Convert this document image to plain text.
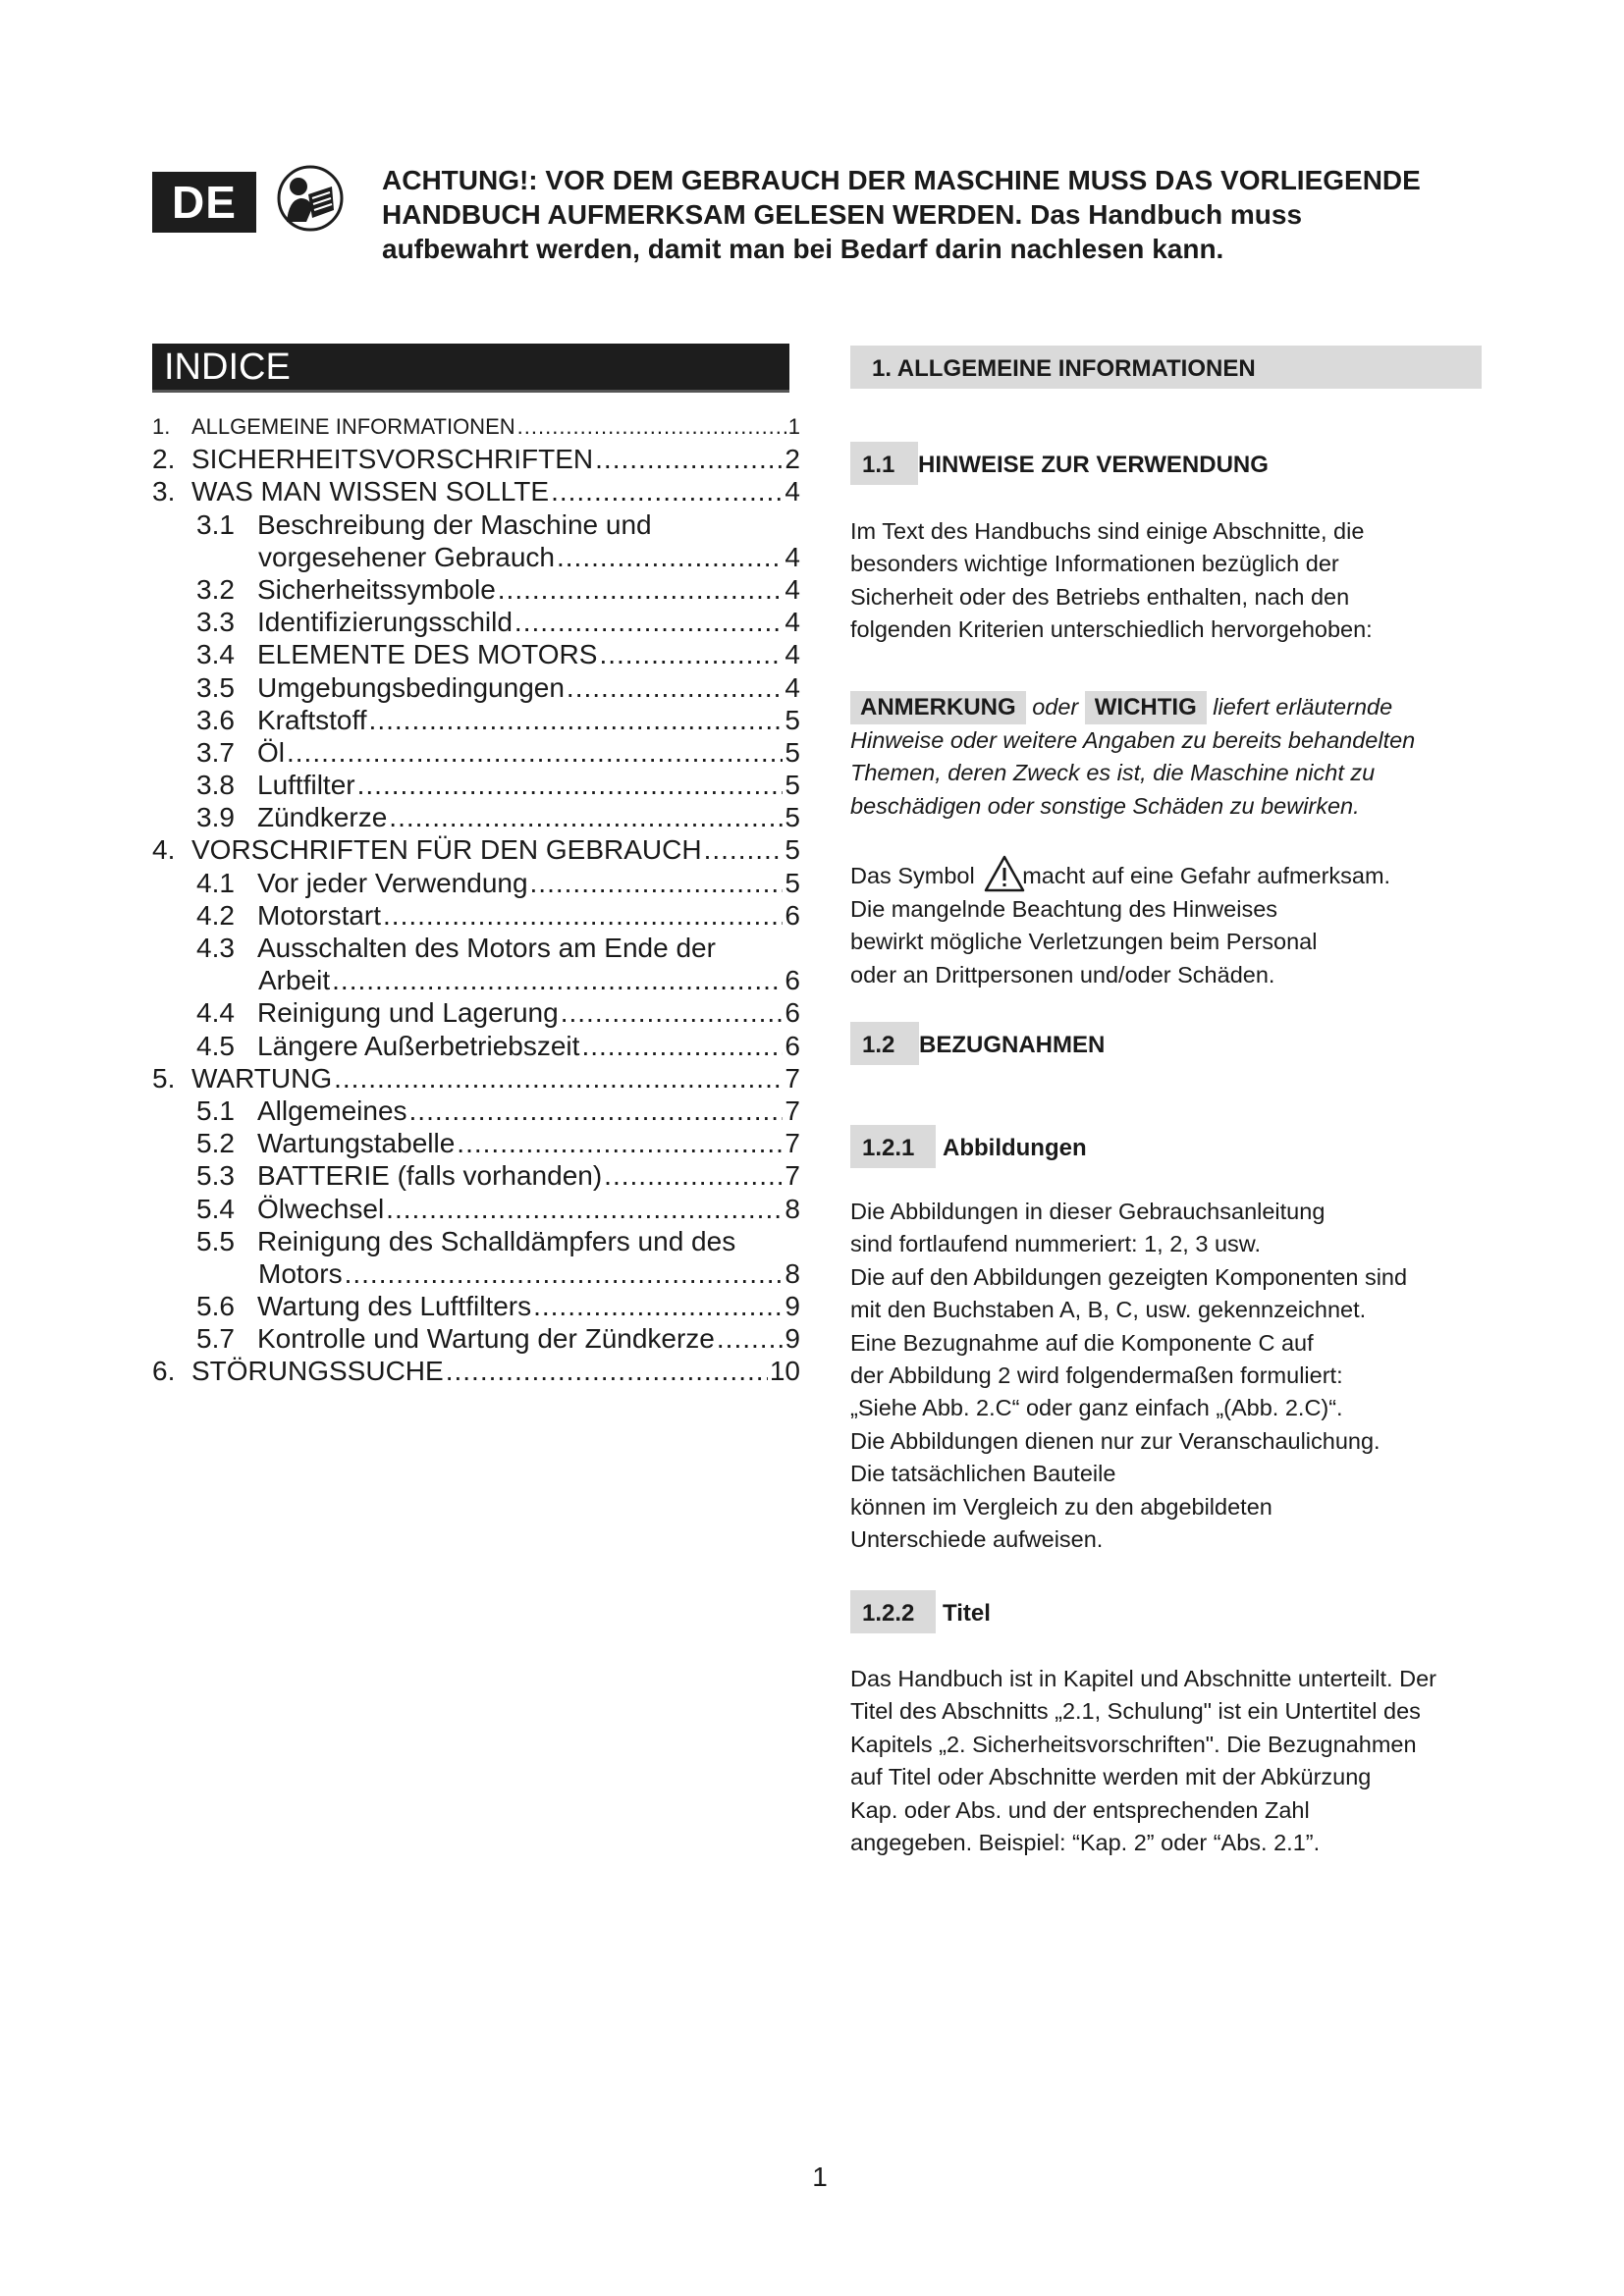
DE	ACHTUNG!: VOR DEM GEBRAUCH DER MASCHINE MUSS DAS VORLIEGENDE
HANDBUCH AUFMERKSAM GELESEN WERDEN. Das Handbuch muss
aufbewahrt werden, damit man bei Bedarf darin nachlesen kann.
INDICE
1. ALLGEMEINE INFORMATIONEN .....	1
2. SICHERHEITSVORSCHRIFTEN .....	2
3. WAS MAN WISSEN SOLLTE .....	4
3.1 Beschreibung der Maschine und
vorgesehener Gebrauch .....	4
3.2 Sicherheitssymbole .....	4
3.3 Identifizierungsschild .....	4
3.4 ELEMENTE DES MOTORS .....	4
3.5 Umgebungsbedingungen .....	4
3.6 Kraftstoff .....	5
3.7 Öl .....	5
3.8 Luftfilter .....	5
3.9 Zündkerze .....	5
4. VORSCHRIFTEN FÜR DEN GEBRAUCH .....	5
4.1 Vor jeder Verwendung .....	5
4.2 Motorstart .....	6
4.3 Ausschalten des Motors am Ende der
Arbeit .....	6
4.4 Reinigung und Lagerung .....	6
4.5 Längere Außerbetriebszeit .....	6
5. WARTUNG .....	7
5.1 Allgemeines .....	7
5.2 Wartungstabelle .....	7
5.3 BATTERIE (falls vorhanden) .....	7
5.4 Ölwechsel .....	8
5.5 Reinigung des Schalldämpfers und des
Motors .....	8
5.6 Wartung des Luftfilters .....	9
5.7 Kontrolle und Wartung der Zündkerze .....	9
6. STÖRUNGSSUCHE .....	10
1. ALLGEMEINE INFORMATIONEN
1.1 HINWEISE ZUR VERWENDUNG
Im Text des Handbuchs sind einige Abschnitte, die
besonders wichtige Informationen bezüglich der
Sicherheit oder des Betriebs enthalten, nach den
folgenden Kriterien unterschiedlich hervorgehoben:
ANMERKUNG oder WICHTIG liefert erläuternde
Hinweise oder weitere Angaben zu bereits behandelten
Themen, deren Zweck es ist, die Maschine nicht zu
beschädigen oder sonstige Schäden zu bewirken.
Das Symbol macht auf eine Gefahr aufmerksam.
Die mangelnde Beachtung des Hinweises
bewirkt mögliche Verletzungen beim Personal
oder an Drittpersonen und/oder Schäden.
1.2	BEZUGNAHMEN
1.2.1	Abbildungen
Die Abbildungen in dieser Gebrauchsanleitung
sind fortlaufend nummeriert: 1, 2, 3 usw.
Die auf den Abbildungen gezeigten Komponenten sind
mit den Buchstaben A, B, C, usw. gekennzeichnet.
Eine Bezugnahme auf die Komponente C auf
der Abbildung 2 wird folgendermaßen formuliert:
„Siehe Abb. 2.C“ oder ganz einfach „(Abb. 2.C)“.
Die Abbildungen dienen nur zur Veranschaulichung.
Die tatsächlichen Bauteile
können im Vergleich zu den abgebildeten
Unterschiede aufweisen.
1.2.2	Titel
Das Handbuch ist in Kapitel und Abschnitte unterteilt. Der
Titel des Abschnitts „2.1, Schulung" ist ein Untertitel des
Kapitels „2. Sicherheitsvorschriften". Die Bezugnahmen
auf Titel oder Abschnitte werden mit der Abkürzung
Kap. oder Abs. und der entsprechenden Zahl
angegeben. Beispiel: “Kap. 2” oder “Abs. 2.1”.
1
